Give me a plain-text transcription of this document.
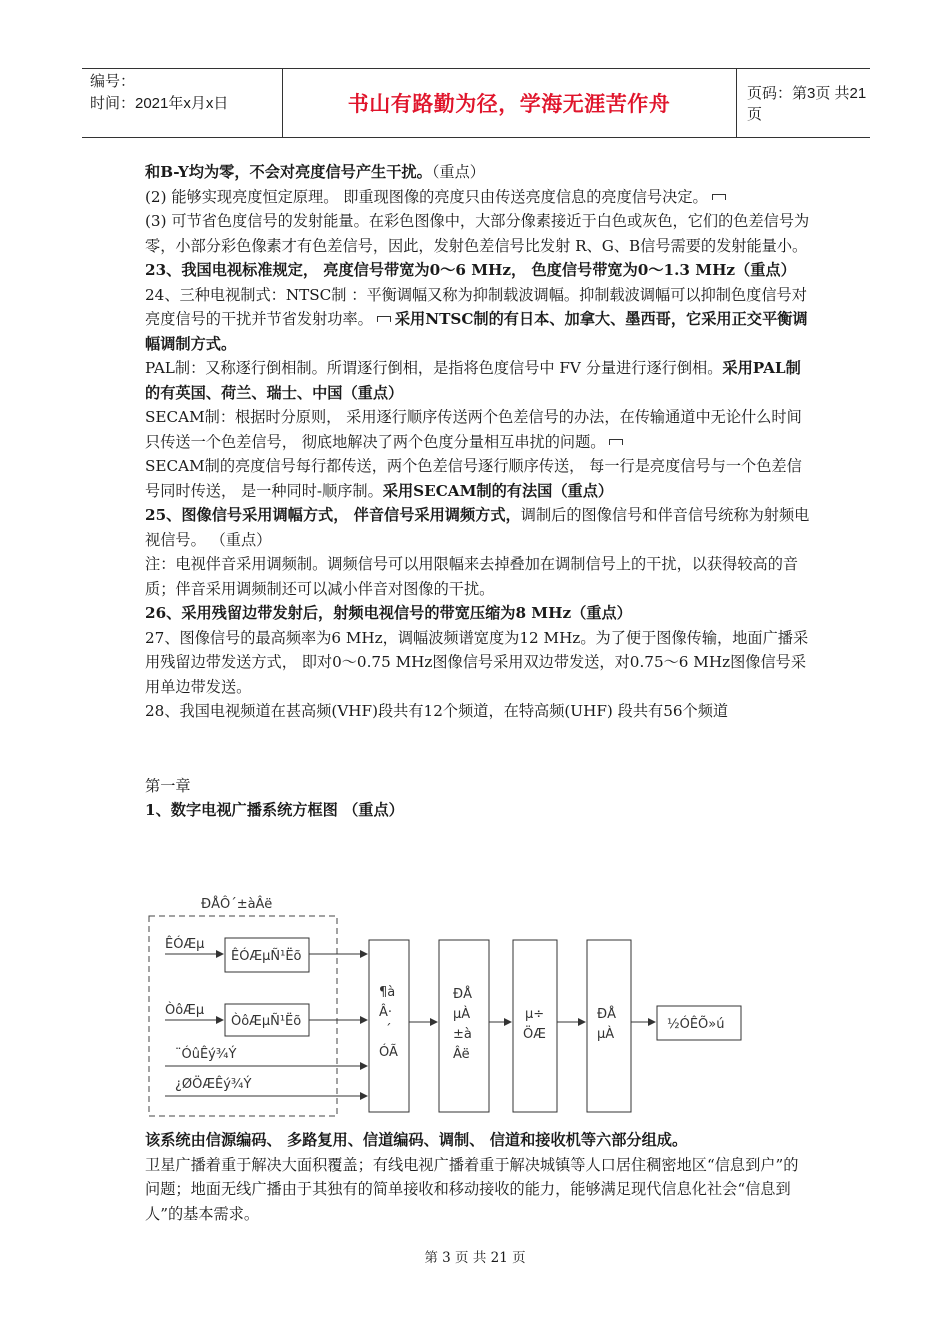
编号：
时间：2021年x月x日	书山有路勤为径，学海无涯苦作舟	页码：第3页 共21页

和B-Y均为零，不会对亮度信号产生干扰。（重点）

(2) 能够实现亮度恒定原理。 即重现图像的亮度只由传送亮度信息的亮度信号决定。

(3) 可节省色度信号的发射能量。在彩色图像中，大部分像素接近于白色或灰色，它们的色差信号为零，小部分彩色像素才有色差信号，因此，发射色差信号比发射 R、G、B信号需要的发射能量小。

23、我国电视标准规定， 亮度信号带宽为0～6 MHz， 色度信号带宽为0～1.3 MHz（重点）

24、三种电视制式：NTSC制 ：平衡调幅又称为抑制载波调幅。抑制载波调幅可以抑制色度信号对亮度信号的干扰并节省发射功率。 采用NTSC制的有日本、加拿大、墨西哥，它采用正交平衡调幅调制方式。

PAL制：又称逐行倒相制。所谓逐行倒相，是指将色度信号中 FV 分量进行逐行倒相。采用PAL制的有英国、荷兰、瑞士、中国（重点）

SECAM制：根据时分原则， 采用逐行顺序传送两个色差信号的办法，在传输通道中无论什么时间只传送一个色差信号， 彻底地解决了两个色度分量相互串扰的问题。

SECAM制的亮度信号每行都传送，两个色差信号逐行顺序传送， 每一行是亮度信号与一个色差信号同时传送， 是一种同时-顺序制。采用SECAM制的有法国（重点）

25、图像信号采用调幅方式， 伴音信号采用调频方式，调制后的图像信号和伴音信号统称为射频电视信号。 （重点）

注：电视伴音采用调频制。调频信号可以用限幅来去掉叠加在调制信号上的干扰，以获得较高的音质；伴音采用调频制还可以减小伴音对图像的干扰。

26、采用残留边带发射后，射频电视信号的带宽压缩为8 MHz（重点）

27、图像信号的最高频率为6 MHz，调幅波频谱宽度为12 MHz。为了便于图像传输，地面广播采用残留边带发送方式， 即对0～0.75 MHz图像信号采用双边带发送，对0.75～6 MHz图像信号采用单边带发送。

28、我国电视频道在甚高频(VHF)段共有12个频道，在特高频(UHF) 段共有56个频道

第一章

1、数字电视广播系统方框图 （重点）

ĐÅÔ´±àÂë
ÊÓÆµ
ÊÓÆµÑ¹Ëõ
ÒôÆµ
ÒôÆµÑ¹Ëõ
¨ÓûÊý¾Ý
¿ØÖÆÊý¾Ý
¶à
Â·
´
ÓÃ
ĐÅ
µÀ
±à
Âë
µ÷
ÖÆ
ĐÅ
µÀ
½ÓÊÕ»ú

该系统由信源编码、 多路复用、信道编码、调制、 信道和接收机等六部分组成。

卫星广播着重于解决大面积覆盖；有线电视广播着重于解决城镇等人口居住稠密地区“信息到户”的问题；地面无线广播由于其独有的简单接收和移动接收的能力，能够满足现代信息化社会“信息到人”的基本需求。

第 3 页 共 21 页
